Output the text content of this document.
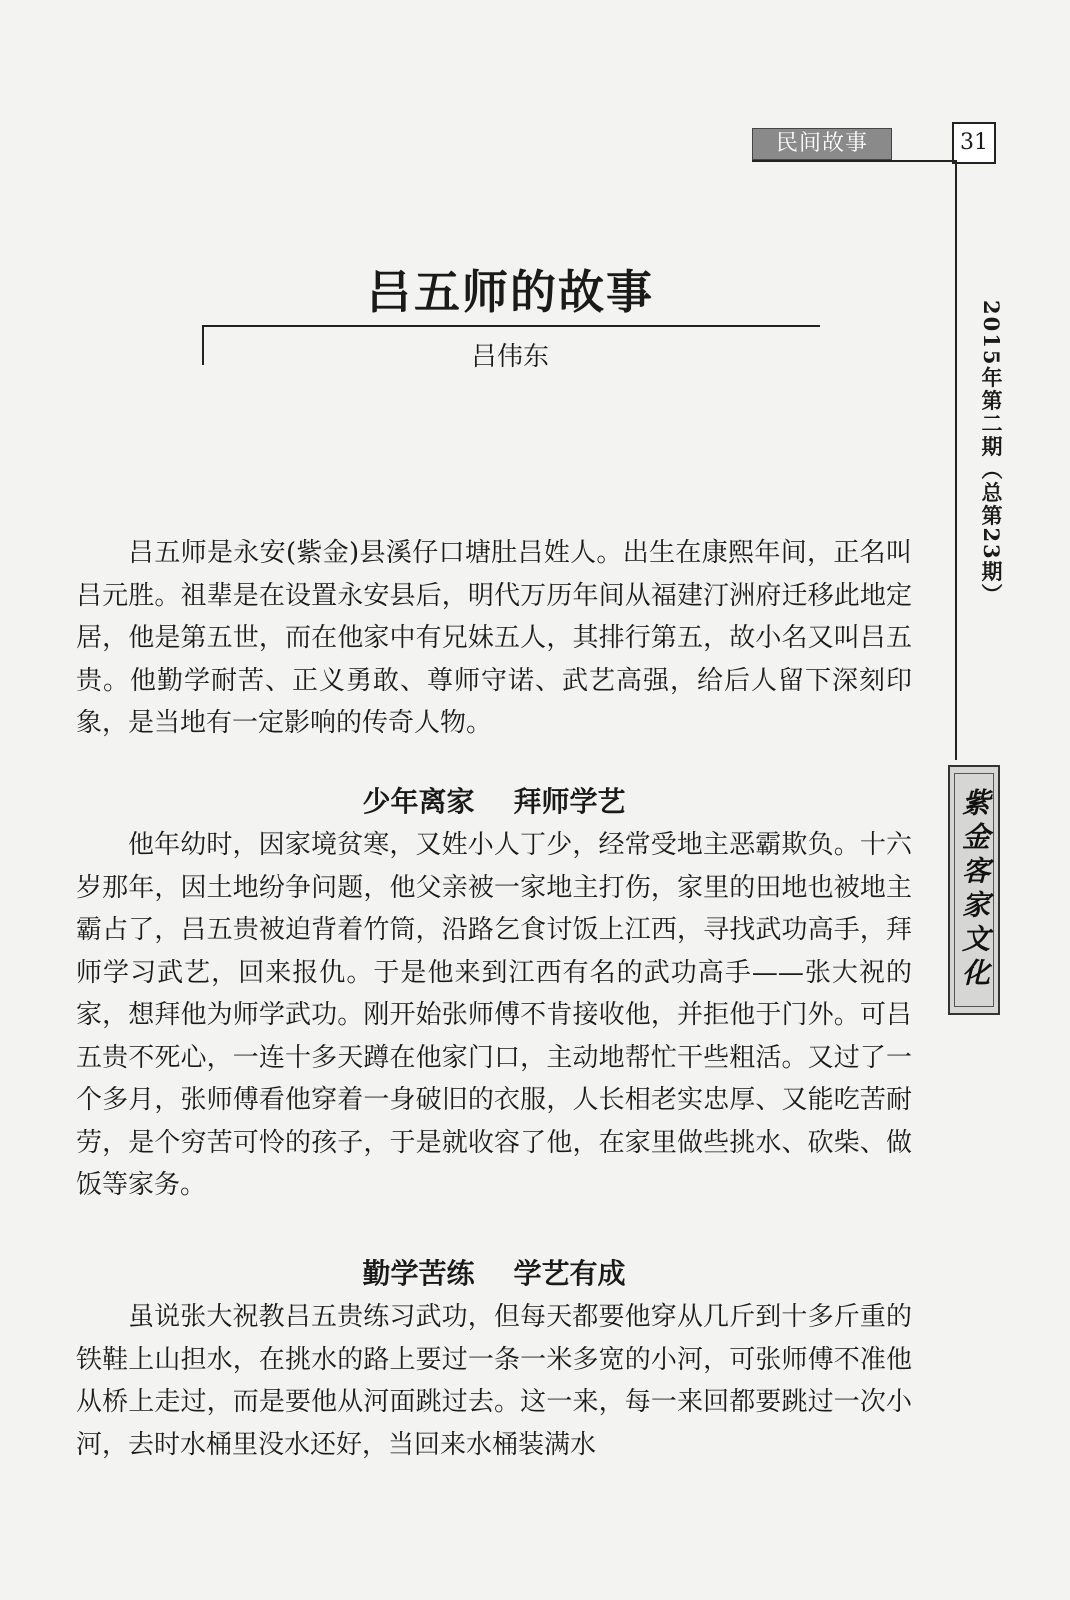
民间故事	31
2015年第二期（总第23期）
紫金客家文化
吕五师的故事
吕伟东

吕五师是永安(紫金)县溪仔口塘肚吕姓人。出生在康熙年间，正名叫吕元胜。祖辈是在设置永安县后，明代万历年间从福建汀洲府迁移此地定居，他是第五世，而在他家中有兄妹五人，其排行第五，故小名又叫吕五贵。他勤学耐苦、正义勇敢、尊师守诺、武艺高强，给后人留下深刻印象，是当地有一定影响的传奇人物。

少年离家    拜师学艺

他年幼时，因家境贫寒，又姓小人丁少，经常受地主恶霸欺负。十六岁那年，因土地纷争问题，他父亲被一家地主打伤，家里的田地也被地主霸占了，吕五贵被迫背着竹筒，沿路乞食讨饭上江西，寻找武功高手，拜师学习武艺，回来报仇。于是他来到江西有名的武功高手——张大祝的家，想拜他为师学武功。刚开始张师傅不肯接收他，并拒他于门外。可吕五贵不死心，一连十多天蹲在他家门口，主动地帮忙干些粗活。又过了一个多月，张师傅看他穿着一身破旧的衣服，人长相老实忠厚、又能吃苦耐劳，是个穷苦可怜的孩子，于是就收容了他，在家里做些挑水、砍柴、做饭等家务。

勤学苦练    学艺有成

虽说张大祝教吕五贵练习武功，但每天都要他穿从几斤到十多斤重的铁鞋上山担水，在挑水的路上要过一条一米多宽的小河，可张师傅不准他从桥上走过，而是要他从河面跳过去。这一来，每一来回都要跳过一次小河，去时水桶里没水还好，当回来水桶装满水
